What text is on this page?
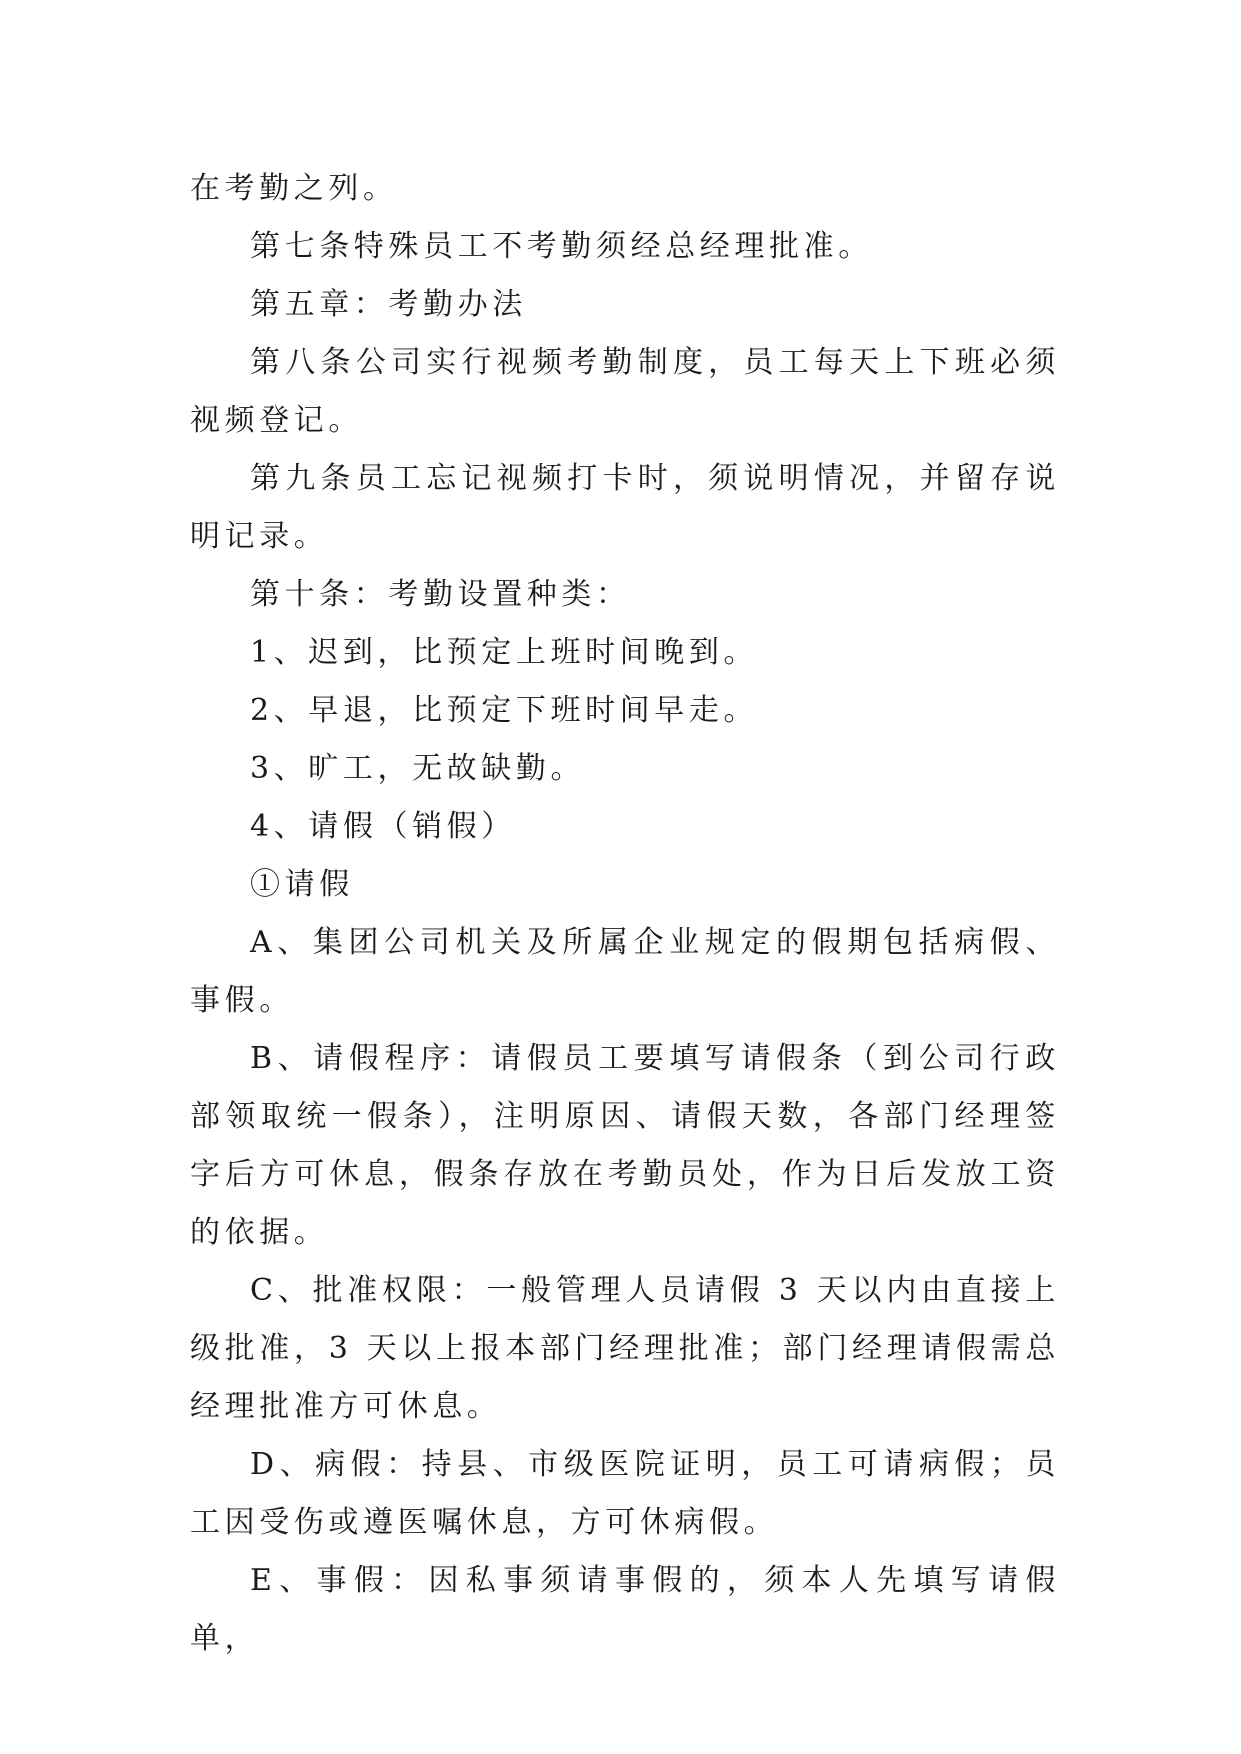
在考勤之列。

第七条特殊员工不考勤须经总经理批准。

第五章：考勤办法

第八条公司实行视频考勤制度，员工每天上下班必须视频登记。

第九条员工忘记视频打卡时，须说明情况，并留存说明记录。

第十条：考勤设置种类：

1、迟到，比预定上班时间晚到。

2、早退，比预定下班时间早走。

3、旷工，无故缺勤。

4、请假（销假）

①请假

A、集团公司机关及所属企业规定的假期包括病假、事假。

B、请假程序：请假员工要填写请假条（到公司行政部领取统一假条），注明原因、请假天数，各部门经理签字后方可休息，假条存放在考勤员处，作为日后发放工资的依据。

C、批准权限：一般管理人员请假 3 天以内由直接上级批准，3 天以上报本部门经理批准；部门经理请假需总经理批准方可休息。

D、病假：持县、市级医院证明，员工可请病假；员工因受伤或遵医嘱休息，方可休病假。

E、事假：因私事须请事假的，须本人先填写请假单，
